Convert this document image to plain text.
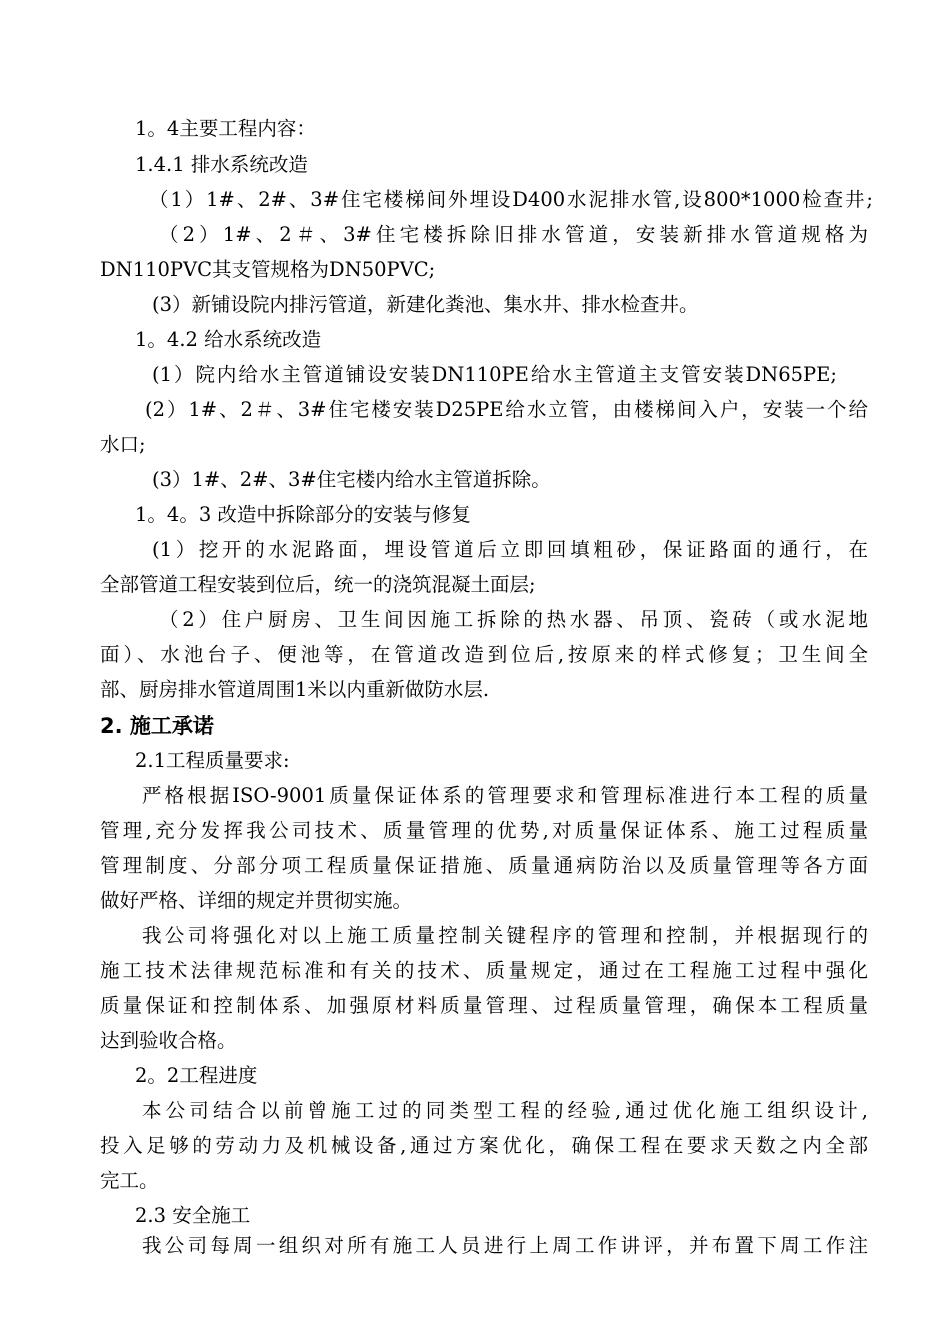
1。4主要工程内容：
1.4.1 排水系统改造
（1）1#、2#、3#住宅楼梯间外埋设D400水泥排水管,设800*1000检查井;
（2）1#、2＃、3#住宅楼拆除旧排水管道，安装新排水管道规格为
DN110PVC其支管规格为DN50PVC;
(3）新铺设院内排污管道，新建化粪池、集水井、排水检查井。
1。4.2 给水系统改造
(1）院内给水主管道铺设安装DN110PE给水主管道主支管安装DN65PE;
(2）1#、2＃、3#住宅楼安装D25PE给水立管，由楼梯间入户，安装一个给
水口;
(3）1#、2#、3#住宅楼内给水主管道拆除。
1。4。3 改造中拆除部分的安装与修复
(1）挖开的水泥路面，埋设管道后立即回填粗砂，保证路面的通行，在
全部管道工程安装到位后，统一的浇筑混凝土面层;
（2）住户厨房、卫生间因施工拆除的热水器、吊顶、瓷砖（或水泥地
面）、水池台子、便池等，在管道改造到位后,按原来的样式修复；卫生间全
部、厨房排水管道周围1米以内重新做防水层.
2. 施工承诺
2.1工程质量要求:
严格根据ISO-9001质量保证体系的管理要求和管理标准进行本工程的质量
管理,充分发挥我公司技术、质量管理的优势,对质量保证体系、施工过程质量
管理制度、分部分项工程质量保证措施、质量通病防治以及质量管理等各方面
做好严格、详细的规定并贯彻实施。
我公司将强化对以上施工质量控制关键程序的管理和控制，并根据现行的
施工技术法律规范标准和有关的技术、质量规定，通过在工程施工过程中强化
质量保证和控制体系、加强原材料质量管理、过程质量管理，确保本工程质量
达到验收合格。
2。2工程进度
本公司结合以前曾施工过的同类型工程的经验,通过优化施工组织设计,
投入足够的劳动力及机械设备,通过方案优化，确保工程在要求天数之内全部
完工。
2.3 安全施工
我公司每周一组织对所有施工人员进行上周工作讲评，并布置下周工作注
